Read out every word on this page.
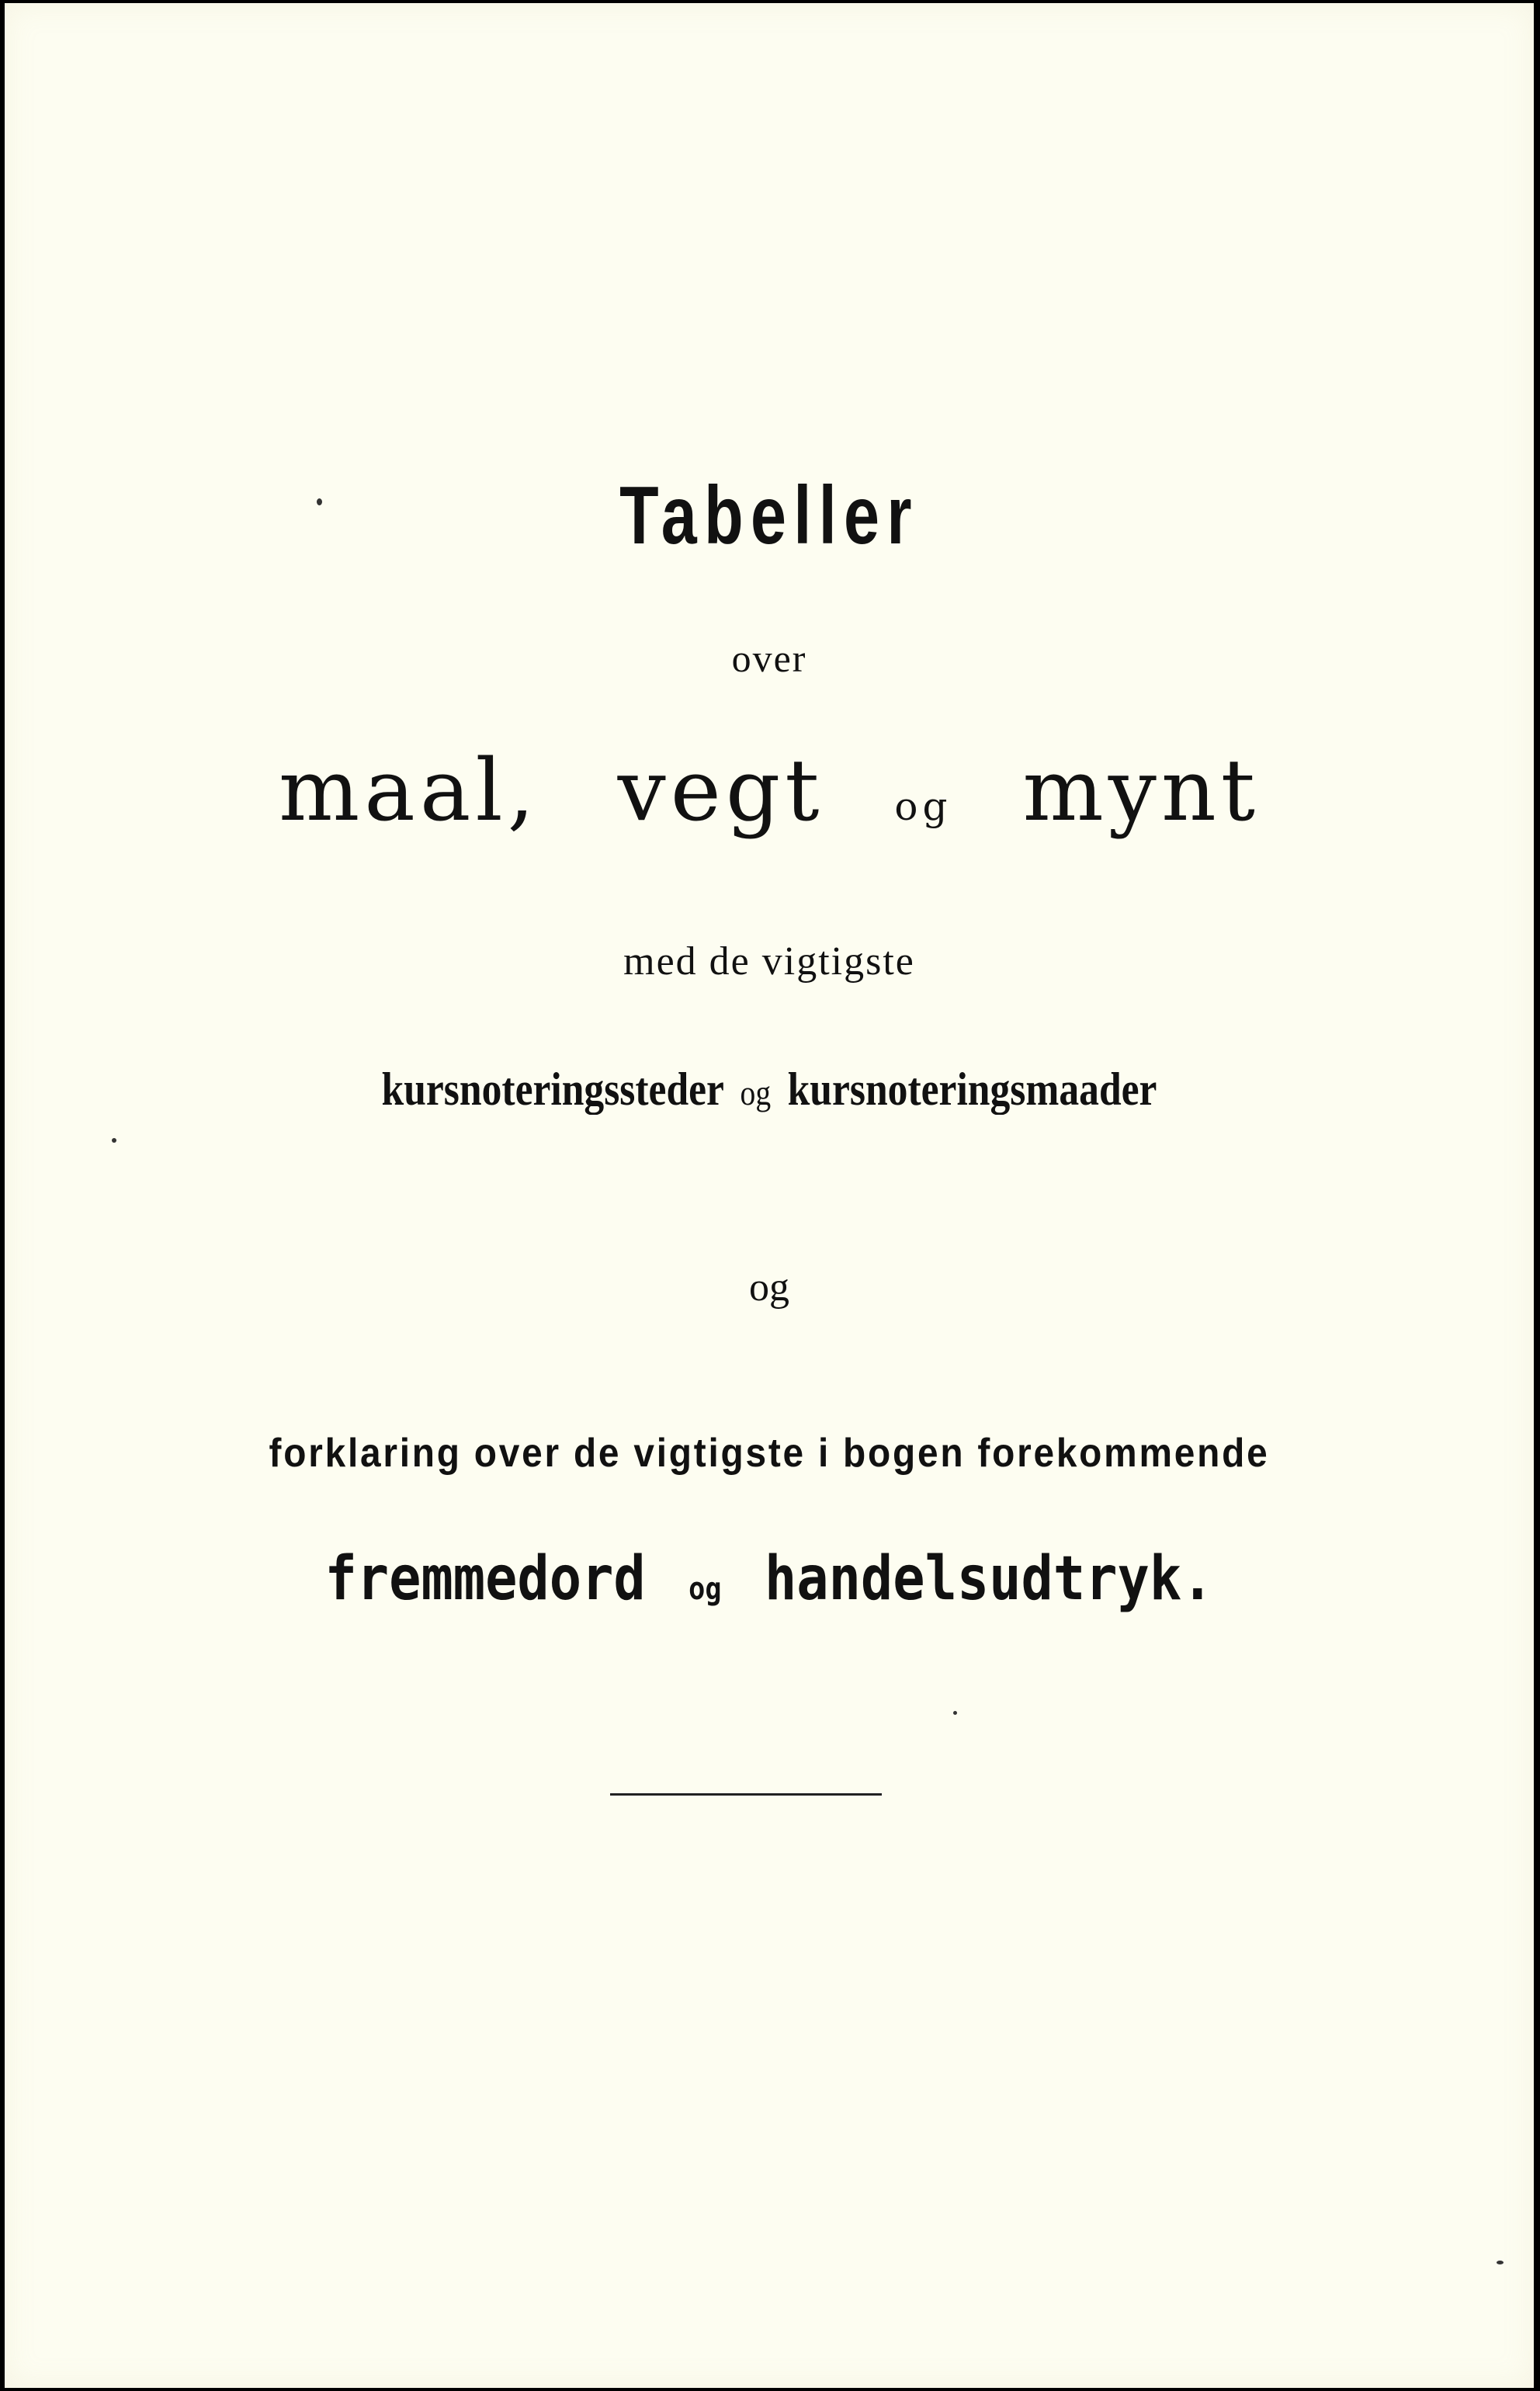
Tabeller
over
maal, vegt og mynt
med de vigtigste
kursnoteringssteder og kursnoteringsmaader
og
forklaring over de vigtigste i bogen forekommende
fremmedord og handelsudtryk.
